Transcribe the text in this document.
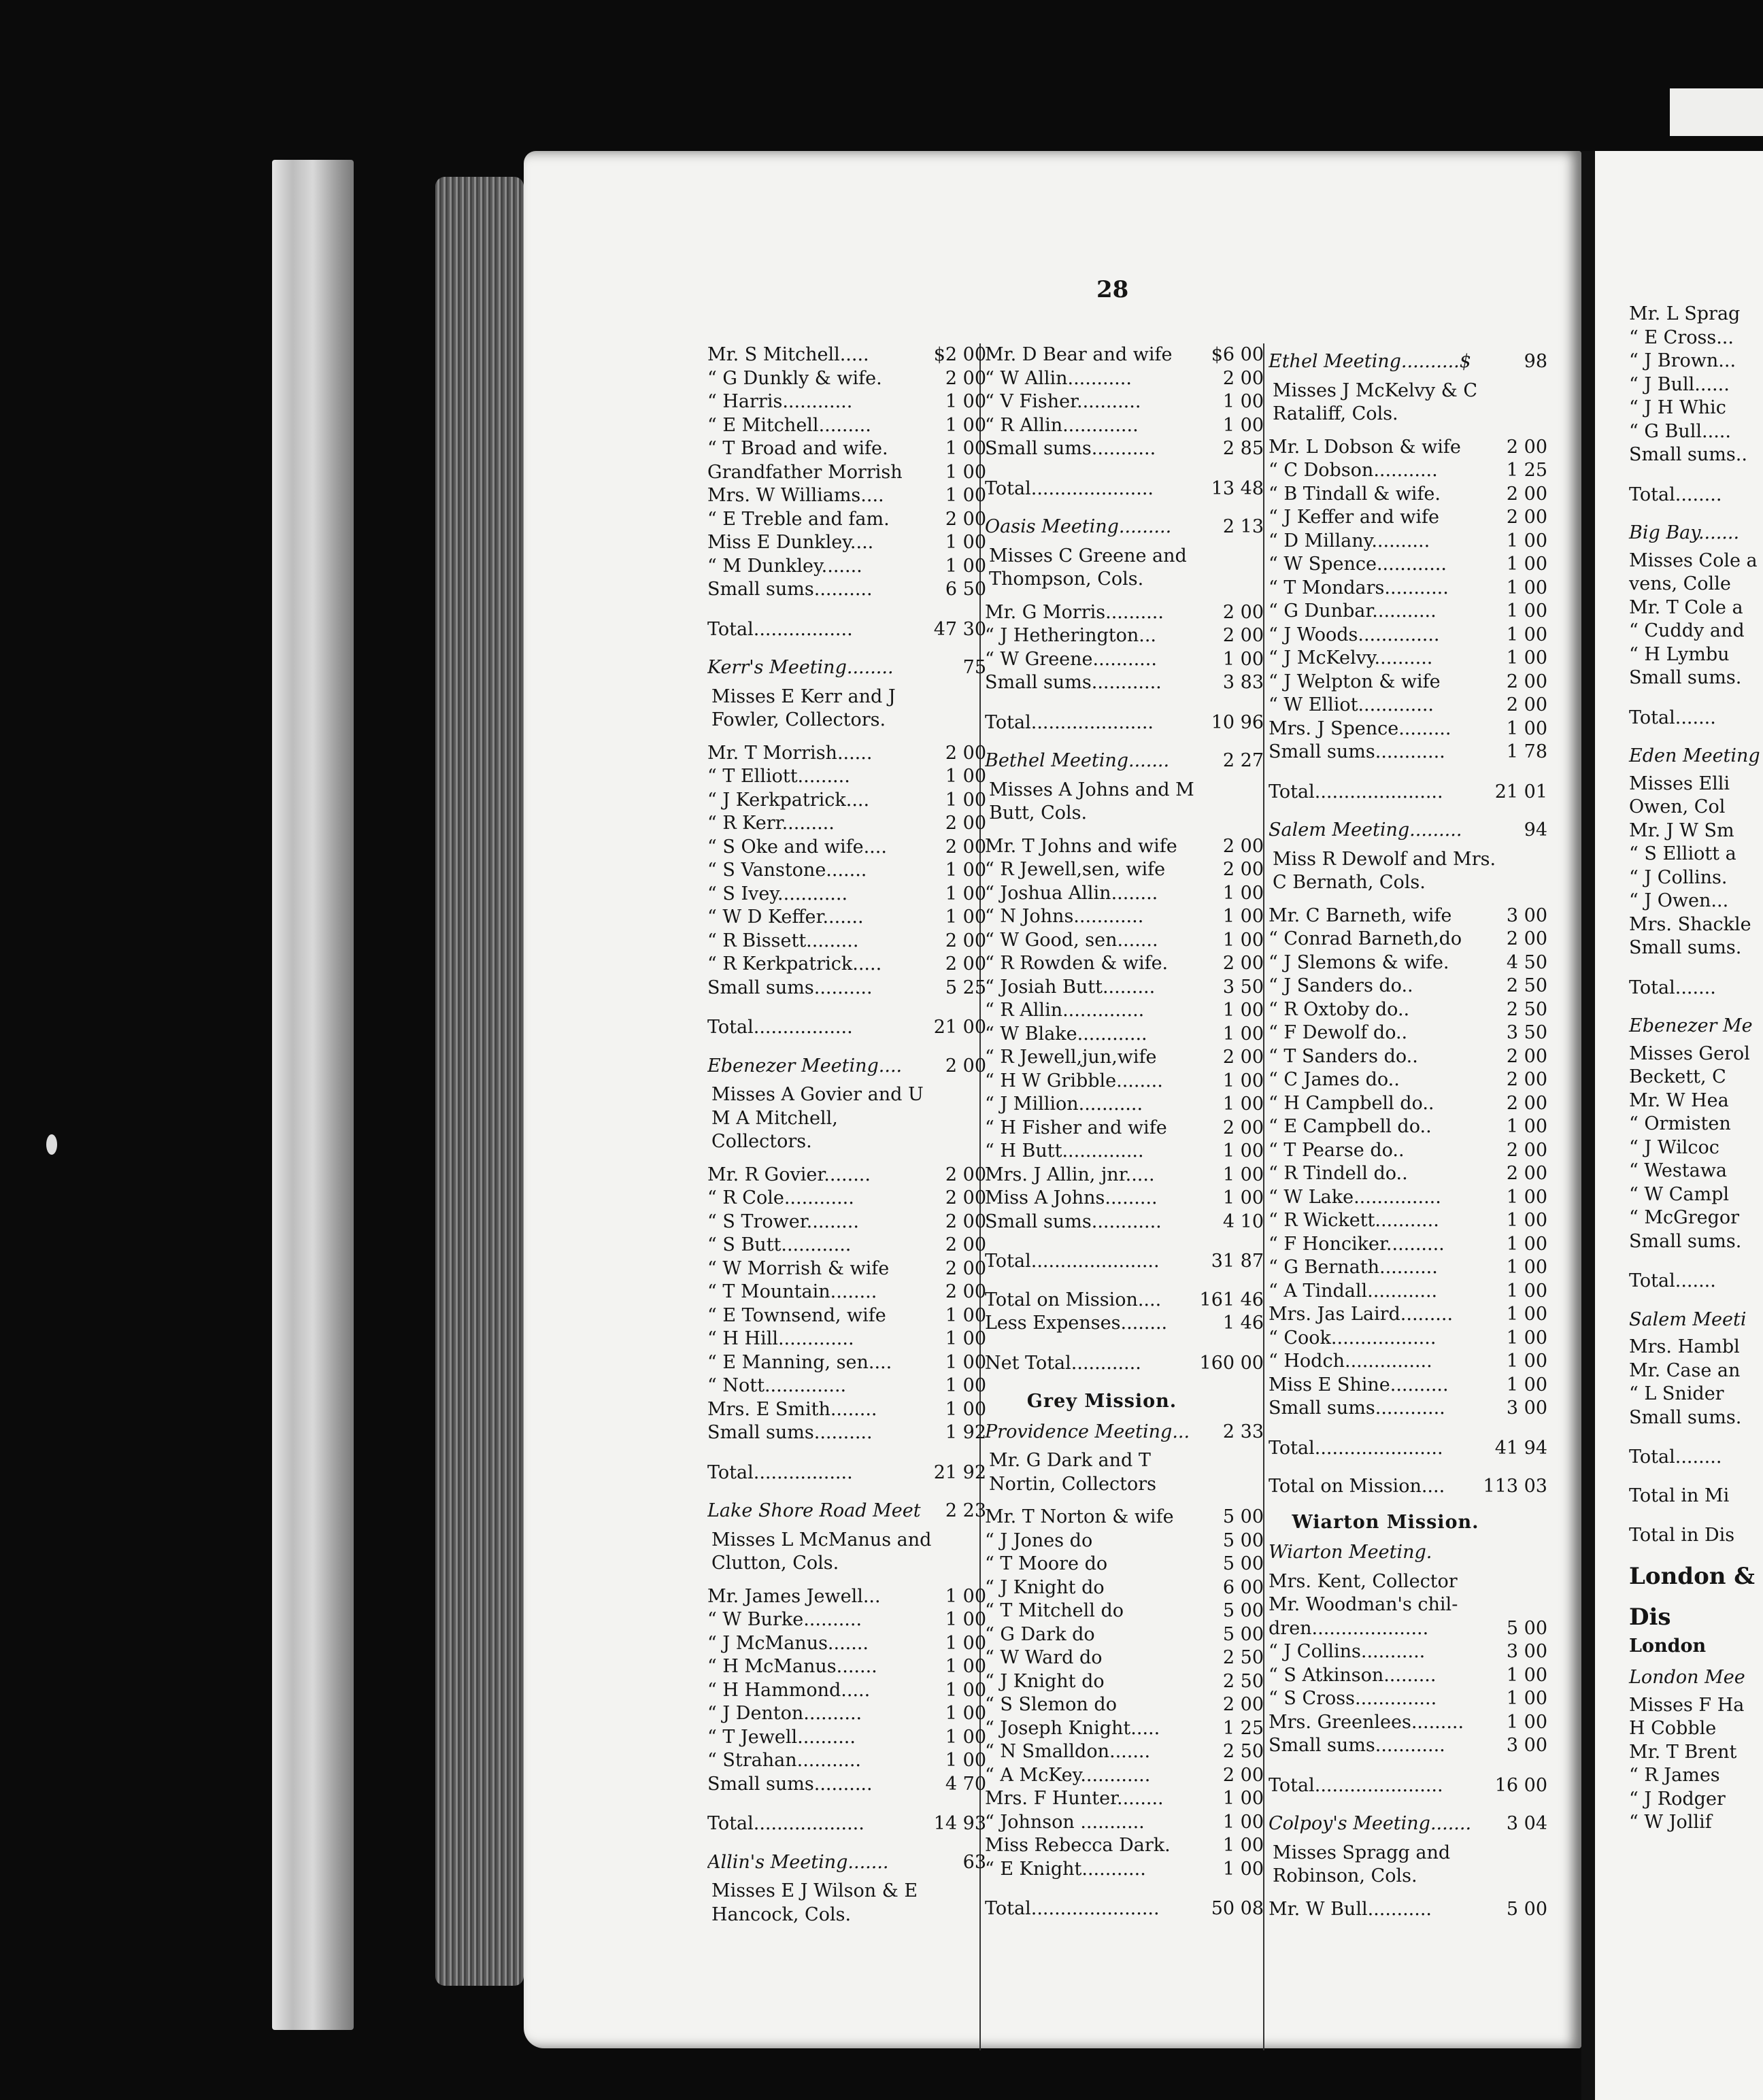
28
Mr. S Mitchell.....	$2 00
“ G Dunkly & wife.	2 00
“ Harris............	1 00
“ E Mitchell.........	1 00
“ T Broad and wife.	1 00
Grandfather Morrish	1 00
Mrs. W Williams....	1 00
“ E Treble and fam.	2 00
Miss E Dunkley....	1 00
“ M Dunkley.......	1 00
Small sums..........	6 50
Total.................	47 30
Kerr's Meeting........	75
Misses E Kerr and J Fowler, Collectors.
Mr. T Morrish......	2 00
“ T Elliott.........	1 00
“ J Kerkpatrick....	1 00
“ R Kerr.........	2 00
“ S Oke and wife....	2 00
“ S Vanstone.......	1 00
“ S Ivey............	1 00
“ W D Keffer.......	1 00
“ R Bissett.........	2 00
“ R Kerkpatrick.....	2 00
Small sums..........	5 25
Total.................	21 00
Ebenezer Meeting....	2 00
Misses A Govier and U M A Mitchell, Collectors.
Mr. R Govier........	2 00
“ R Cole............	2 00
“ S Trower.........	2 00
“ S Butt............	2 00
“ W Morrish & wife	2 00
“ T Mountain........	2 00
“ E Townsend, wife	1 00
“ H Hill.............	1 00
“ E Manning, sen....	1 00
“ Nott..............	1 00
Mrs. E Smith........	1 00
Small sums..........	1 92
Total.................	21 92
Lake Shore Road Meet	2 23
Misses L McManus and Clutton, Cols.
Mr. James Jewell...	1 00
“ W Burke..........	1 00
“ J McManus.......	1 00
“ H McManus.......	1 00
“ H Hammond.....	1 00
“ J Denton..........	1 00
“ T Jewell..........	1 00
“ Strahan...........	1 00
Small sums..........	4 70
Total...................	14 93
Allin's Meeting.......	63
Misses E J Wilson & E Hancock, Cols.
Mr. D Bear and wife	$6 00
“ W Allin...........	2 00
“ V Fisher...........	1 00
“ R Allin.............	1 00
Small sums...........	2 85
Total.....................	13 48
Oasis Meeting.........	2 13
Misses C Greene and Thompson, Cols.
Mr. G Morris..........	2 00
“ J Hetherington...	2 00
“ W Greene...........	1 00
Small sums............	3 83
Total.....................	10 96
Bethel Meeting.......	2 27
Misses A Johns and M Butt, Cols.
Mr. T Johns and wife	2 00
“ R Jewell,sen, wife	2 00
“ Joshua Allin........	1 00
“ N Johns............	1 00
“ W Good, sen.......	1 00
“ R Rowden & wife.	2 00
“ Josiah Butt.........	3 50
“ R Allin..............	1 00
“ W Blake............	1 00
“ R Jewell,jun,wife	2 00
“ H W Gribble........	1 00
“ J Million...........	1 00
“ H Fisher and wife	2 00
“ H Butt..............	1 00
Mrs. J Allin, jnr.....	1 00
Miss A Johns.........	1 00
Small sums............	4 10
Total......................	31 87
Total on Mission....	161 46
Less Expenses........	1 46
Net Total............	160 00
Grey Mission.
Providence Meeting...	2 33
Mr. G Dark and T Nortin, Collectors
Mr. T Norton & wife	5 00
“ J Jones do	5 00
“ T Moore do	5 00
“ J Knight do	6 00
“ T Mitchell do	5 00
“ G Dark do	5 00
“ W Ward do	2 50
“ J Knight do	2 50
“ S Slemon do	2 00
“ Joseph Knight.....	1 25
“ N Smalldon.......	2 50
“ A McKey............	2 00
Mrs. F Hunter........	1 00
“ Johnson ...........	1 00
Miss Rebecca Dark.	1 00
“ E Knight...........	1 00
Total......................	50 08
Ethel Meeting..........$	98
Misses J McKelvy & C Rataliff, Cols.
Mr. L Dobson & wife	2 00
“ C Dobson...........	1 25
“ B Tindall & wife.	2 00
“ J Keffer and wife	2 00
“ D Millany..........	1 00
“ W Spence............	1 00
“ T Mondars...........	1 00
“ G Dunbar...........	1 00
“ J Woods..............	1 00
“ J McKelvy..........	1 00
“ J Welpton & wife	2 00
“ W Elliot.............	2 00
Mrs. J Spence.........	1 00
Small sums............	1 78
Total......................	21 01
Salem Meeting.........	94
Miss R Dewolf and Mrs. C Bernath, Cols.
Mr. C Barneth, wife	3 00
“ Conrad Barneth,do	2 00
“ J Slemons & wife.	4 50
“ J Sanders do..	2 50
“ R Oxtoby do..	2 50
“ F Dewolf do..	3 50
“ T Sanders do..	2 00
“ C James do..	2 00
“ H Campbell do..	2 00
“ E Campbell do..	1 00
“ T Pearse do..	2 00
“ R Tindell do..	2 00
“ W Lake...............	1 00
“ R Wickett...........	1 00
“ F Honciker..........	1 00
“ G Bernath..........	1 00
“ A Tindall............	1 00
Mrs. Jas Laird.........	1 00
“ Cook..................	1 00
“ Hodch...............	1 00
Miss E Shine..........	1 00
Small sums............	3 00
Total......................	41 94
Total on Mission....	113 03
Wiarton Mission.
Wiarton Meeting.
Mrs. Kent, Collector
Mr. Woodman's chil-
dren....................	5 00
“ J Collins...........	3 00
“ S Atkinson.........	1 00
“ S Cross..............	1 00
Mrs. Greenlees.........	1 00
Small sums............	3 00
Total......................	16 00
Colpoy's Meeting.......	3 04
Misses Spragg and Robinson, Cols.
Mr. W Bull...........	5 00
Mr. L Sprag
“ E Cross...
“ J Brown...
“ J Bull......
“ J H Whic
“ G Bull.....
Small sums..
Total........
Big Bay.......
Misses Cole a
vens, Colle
Mr. T Cole a
“ Cuddy and
“ H Lymbu
Small sums.
Total.......
Eden Meeting
Misses Elli
Owen, Col
Mr. J W Sm
“ S Elliott a
“ J Collins.
“ J Owen...
Mrs. Shackle
Small sums.
Total.......
Ebenezer Me
Misses Gerol
Beckett, C
Mr. W Hea
“ Ormisten
“ J Wilcoc
“ Westawa
“ W Campl
“ McGregor
Small sums.
Total.......
Salem Meeti
Mrs. Hambl
Mr. Case an
“ L Snider
Small sums.
Total........
Total in Mi
Total in Dis
London &
Dis
London
London Mee
Misses F Ha
H Cobble
Mr. T Brent
“ R James
“ J Rodger
“ W Jollif
